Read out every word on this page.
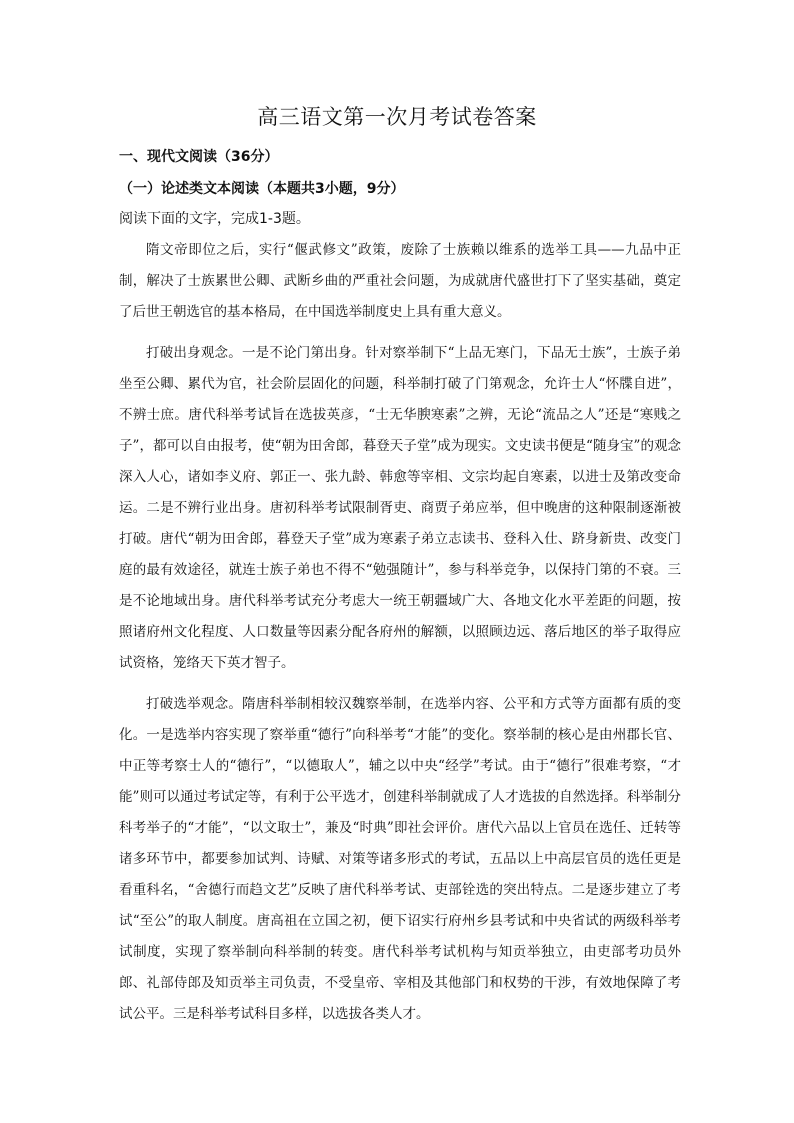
高三语文第一次月考试卷答案
一、现代文阅读（36分）
（一）论述类文本阅读（本题共3小题，9分）

阅读下面的文字，完成1-3题。

隋文帝即位之后，实行“偃武修文”政策，废除了士族赖以维系的选举工具——九品中正制，解决了士族累世公卿、武断乡曲的严重社会问题，为成就唐代盛世打下了坚实基础，奠定了后世王朝选官的基本格局，在中国选举制度史上具有重大意义。

打破出身观念。一是不论门第出身。针对察举制下“上品无寒门，下品无士族”，士族子弟坐至公卿、累代为官，社会阶层固化的问题，科举制打破了门第观念，允许士人“怀牒自进”，不辨士庶。唐代科举考试旨在选拔英彦，“士无华腴寒素”之辨，无论“流品之人”还是“寒贱之子”，都可以自由报考，使“朝为田舍郎，暮登天子堂”成为现实。文史读书便是“随身宝”的观念深入人心，诸如李义府、郭正一、张九龄、韩愈等宰相、文宗均起自寒素，以进士及第改变命运。二是不辨行业出身。唐初科举考试限制胥吏、商贾子弟应举，但中晚唐的这种限制逐渐被打破。唐代“朝为田舍郎，暮登天子堂”成为寒素子弟立志读书、登科入仕、跻身新贵、改变门庭的最有效途径，就连士族子弟也不得不“勉强随计”，参与科举竞争，以保持门第的不衰。三是不论地域出身。唐代科举考试充分考虑大一统王朝疆域广大、各地文化水平差距的问题，按照诸府州文化程度、人口数量等因素分配各府州的解额，以照顾边远、落后地区的举子取得应试资格，笼络天下英才智子。

打破选举观念。隋唐科举制相较汉魏察举制，在选举内容、公平和方式等方面都有质的变化。一是选举内容实现了察举重“德行”向科举考“才能”的变化。察举制的核心是由州郡长官、中正等考察士人的“德行”，“以德取人”，辅之以中央“经学”考试。由于“德行”很难考察，“才能”则可以通过考试定等，有利于公平选才，创建科举制就成了人才选拔的自然选择。科举制分科考举子的“才能”，“以文取士”，兼及“时典”即社会评价。唐代六品以上官员在选任、迁转等诸多环节中，都要参加试判、诗赋、对策等诸多形式的考试，五品以上中高层官员的选任更是看重科名，“舍德行而趋文艺”反映了唐代科举考试、吏部铨选的突出特点。二是逐步建立了考试“至公”的取人制度。唐高祖在立国之初，便下诏实行府州乡县考试和中央省试的两级科举考试制度，实现了察举制向科举制的转变。唐代科举考试机构与知贡举独立，由吏部考功员外郎、礼部侍郎及知贡举主司负责，不受皇帝、宰相及其他部门和权势的干涉，有效地保障了考试公平。三是科举考试科目多样，以选拔各类人才。
